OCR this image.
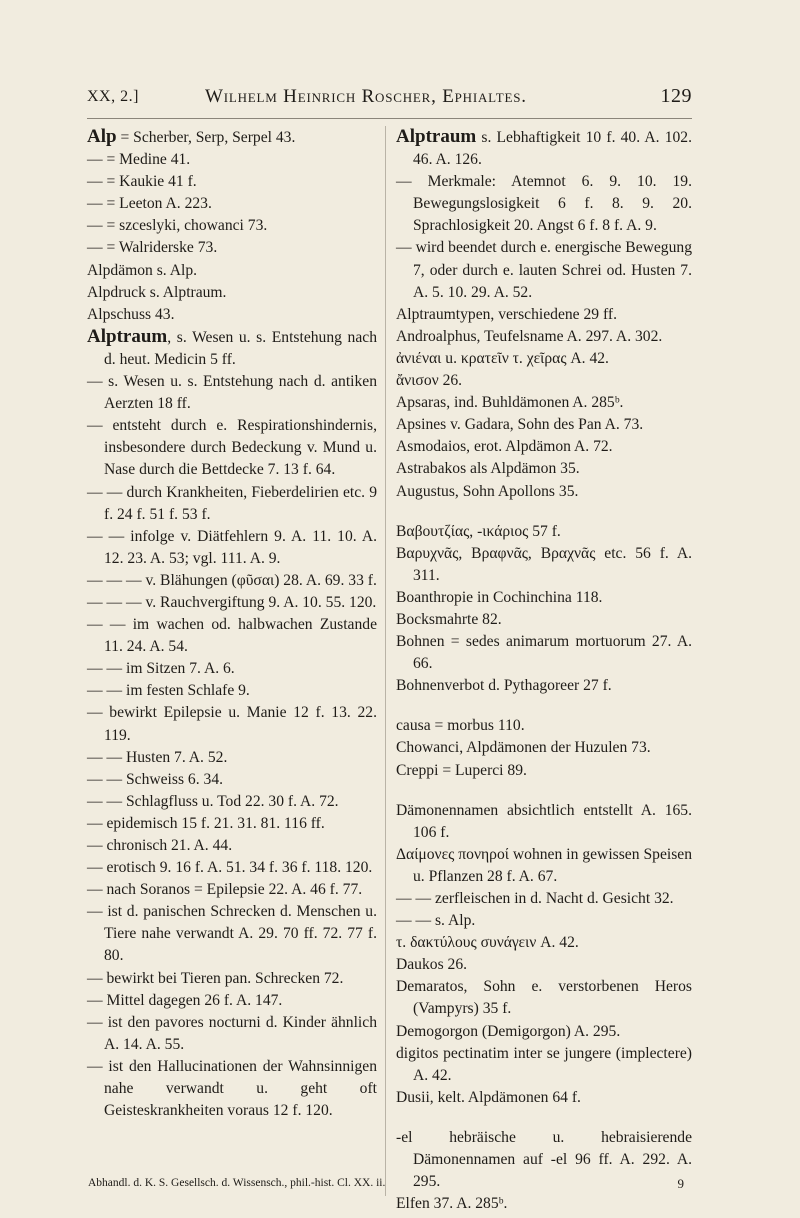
XX, 2.]	Wilhelm Heinrich Roscher, Ephialtes.	129
Alp = Scherber, Serp, Serpel 43.
— = Medine 41.
— = Kaukie 41 f.
— = Leeton A. 223.
— = szceslyki, chowanci 73.
— = Walriderske 73.
Alpdämon s. Alp.
Alpdruck s. Alptraum.
Alpschuss 43.
Alptraum, s. Wesen u. s. Entstehung nach d. heut. Medicin 5 ff.
— s. Wesen u. s. Entstehung nach d. antiken Aerzten 18 ff.
— entsteht durch e. Respirationshindernis, insbesondere durch Bedeckung v. Mund u. Nase durch die Bettdecke 7. 13 f. 64.
— — durch Krankheiten, Fieberdelirien etc. 9 f. 24 f. 51 f. 53 f.
— — infolge v. Diätfehlern 9. A. 11. 10. A. 12. 23. A. 53; vgl. 111. A. 9.
— — — v. Blähungen (φῦσαι) 28. A. 69. 33 f.
— — — v. Rauchvergiftung 9. A. 10. 55. 120.
— — im wachen od. halbwachen Zustande 11. 24. A. 54.
— — im Sitzen 7. A. 6.
— — im festen Schlafe 9.
— bewirkt Epilepsie u. Manie 12 f. 13. 22. 119.
— — Husten 7. A. 52.
— — Schweiss 6. 34.
— — Schlagfluss u. Tod 22. 30 f. A. 72.
— epidemisch 15 f. 21. 31. 81. 116 ff.
— chronisch 21. A. 44.
— erotisch 9. 16 f. A. 51. 34 f. 36 f. 118. 120.
— nach Soranos = Epilepsie 22. A. 46 f. 77.
— ist d. panischen Schrecken d. Menschen u. Tiere nahe verwandt A. 29. 70 ff. 72. 77 f. 80.
— bewirkt bei Tieren pan. Schrecken 72.
— Mittel dagegen 26 f. A. 147.
— ist den pavores nocturni d. Kinder ähnlich A. 14. A. 55.
— ist den Hallucinationen der Wahnsinnigen nahe verwandt u. geht oft Geisteskrankheiten voraus 12 f. 120.
Alptraum s. Lebhaftigkeit 10 f. 40. A. 102. 46. A. 126.
— Merkmale: Atemnot 6. 9. 10. 19. Bewegungslosigkeit 6 f. 8. 9. 20. Sprachlosigkeit 20. Angst 6 f. 8 f. A. 9.
— wird beendet durch e. energische Bewegung 7, oder durch e. lauten Schrei od. Husten 7. A. 5. 10. 29. A. 52.
Alptraumtypen, verschiedene 29 ff.
Androalphus, Teufelsname A. 297. A. 302.
ἀνιέναι u. κρατεῖν τ. χεῖρας A. 42.
ἄνισον 26.
Apsaras, ind. Buhldämonen A. 285ᵇ.
Apsines v. Gadara, Sohn des Pan A. 73.
Asmodaios, erot. Alpdämon A. 72.
Astrabakos als Alpdämon 35.
Augustus, Sohn Apollons 35.
Βαβουτζίας, -ικάριος 57 f.
Βαρυχνᾶς, Βραφνᾶς, Βραχνᾶς etc. 56 f. A. 311.
Boanthropie in Cochinchina 118.
Bocksmahrte 82.
Bohnen = sedes animarum mortuorum 27. A. 66.
Bohnenverbot d. Pythagoreer 27 f.
causa = morbus 110.
Chowanci, Alpdämonen der Huzulen 73.
Creppi = Luperci 89.
Dämonennamen absichtlich entstellt A. 165. 106 f.
Δαίμονες πονηροί wohnen in gewissen Speisen u. Pflanzen 28 f. A. 67.
— — zerfleischen in d. Nacht d. Gesicht 32.
— — s. Alp.
τ. δακτύλους συνάγειν A. 42.
Daukos 26.
Demaratos, Sohn e. verstorbenen Heros (Vampyrs) 35 f.
Demogorgon (Demigorgon) A. 295.
digitos pectinatim inter se jungere (implectere) A. 42.
Dusii, kelt. Alpdämonen 64 f.
-el hebräische u. hebraisierende Dämonennamen auf -el 96 ff. A. 292. A. 295.
Elfen 37. A. 285ᵇ.
Abhandl. d. K. S. Gesellsch. d. Wissensch., phil.-hist. Cl. XX. ii.	9
